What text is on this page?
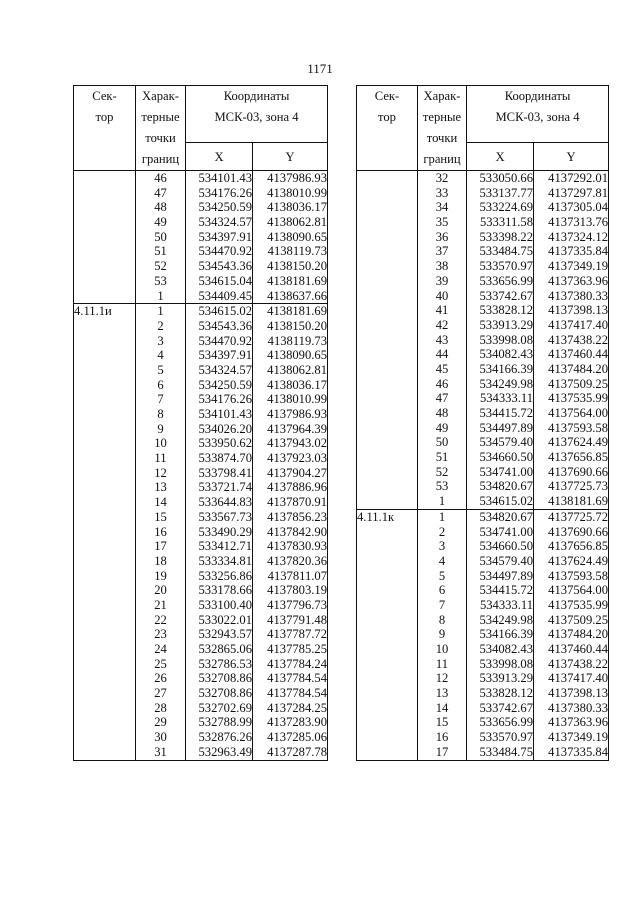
1171
Сек-
тор	Харак-
терные
точки
границ	Координаты
МСК-03, зона 4	
		X	Y
	46	534101.43	4137986.93
	47	534176.26	4138010.99
	48	534250.59	4138036.17
	49	534324.57	4138062.81
	50	534397.91	4138090.65
	51	534470.92	4138119.73
	52	534543.36	4138150.20
	53	534615.04	4138181.69
	1	534409.45	4138637.66
4.11.1и	1	534615.02	4138181.69
	2	534543.36	4138150.20
	3	534470.92	4138119.73
	4	534397.91	4138090.65
	5	534324.57	4138062.81
	6	534250.59	4138036.17
	7	534176.26	4138010.99
	8	534101.43	4137986.93
	9	534026.20	4137964.39
	10	533950.62	4137943.02
	11	533874.70	4137923.03
	12	533798.41	4137904.27
	13	533721.74	4137886.96
	14	533644.83	4137870.91
	15	533567.73	4137856.23
	16	533490.29	4137842.90
	17	533412.71	4137830.93
	18	533334.81	4137820.36
	19	533256.86	4137811.07
	20	533178.66	4137803.19
	21	533100.40	4137796.73
	22	533022.01	4137791.48
	23	532943.57	4137787.72
	24	532865.06	4137785.25
	25	532786.53	4137784.24
	26	532708.86	4137784.54
	27	532708.86	4137784.54
	28	532702.69	4137284.25
	29	532788.99	4137283.90
	30	532876.26	4137285.06
	31	532963.49	4137287.78
Сек-
тор	Харак-
терные
точки
границ	Координаты
МСК-03, зона 4	
		X	Y
	32	533050.66	4137292.01
	33	533137.77	4137297.81
	34	533224.69	4137305.04
	35	533311.58	4137313.76
	36	533398.22	4137324.12
	37	533484.75	4137335.84
	38	533570.97	4137349.19
	39	533656.99	4137363.96
	40	533742.67	4137380.33
	41	533828.12	4137398.13
	42	533913.29	4137417.40
	43	533998.08	4137438.22
	44	534082.43	4137460.44
	45	534166.39	4137484.20
	46	534249.98	4137509.25
	47	534333.11	4137535.99
	48	534415.72	4137564.00
	49	534497.89	4137593.58
	50	534579.40	4137624.49
	51	534660.50	4137656.85
	52	534741.00	4137690.66
	53	534820.67	4137725.73
	1	534615.02	4138181.69
4.11.1к	1	534820.67	4137725.72
	2	534741.00	4137690.66
	3	534660.50	4137656.85
	4	534579.40	4137624.49
	5	534497.89	4137593.58
	6	534415.72	4137564.00
	7	534333.11	4137535.99
	8	534249.98	4137509.25
	9	534166.39	4137484.20
	10	534082.43	4137460.44
	11	533998.08	4137438.22
	12	533913.29	4137417.40
	13	533828.12	4137398.13
	14	533742.67	4137380.33
	15	533656.99	4137363.96
	16	533570.97	4137349.19
	17	533484.75	4137335.84
